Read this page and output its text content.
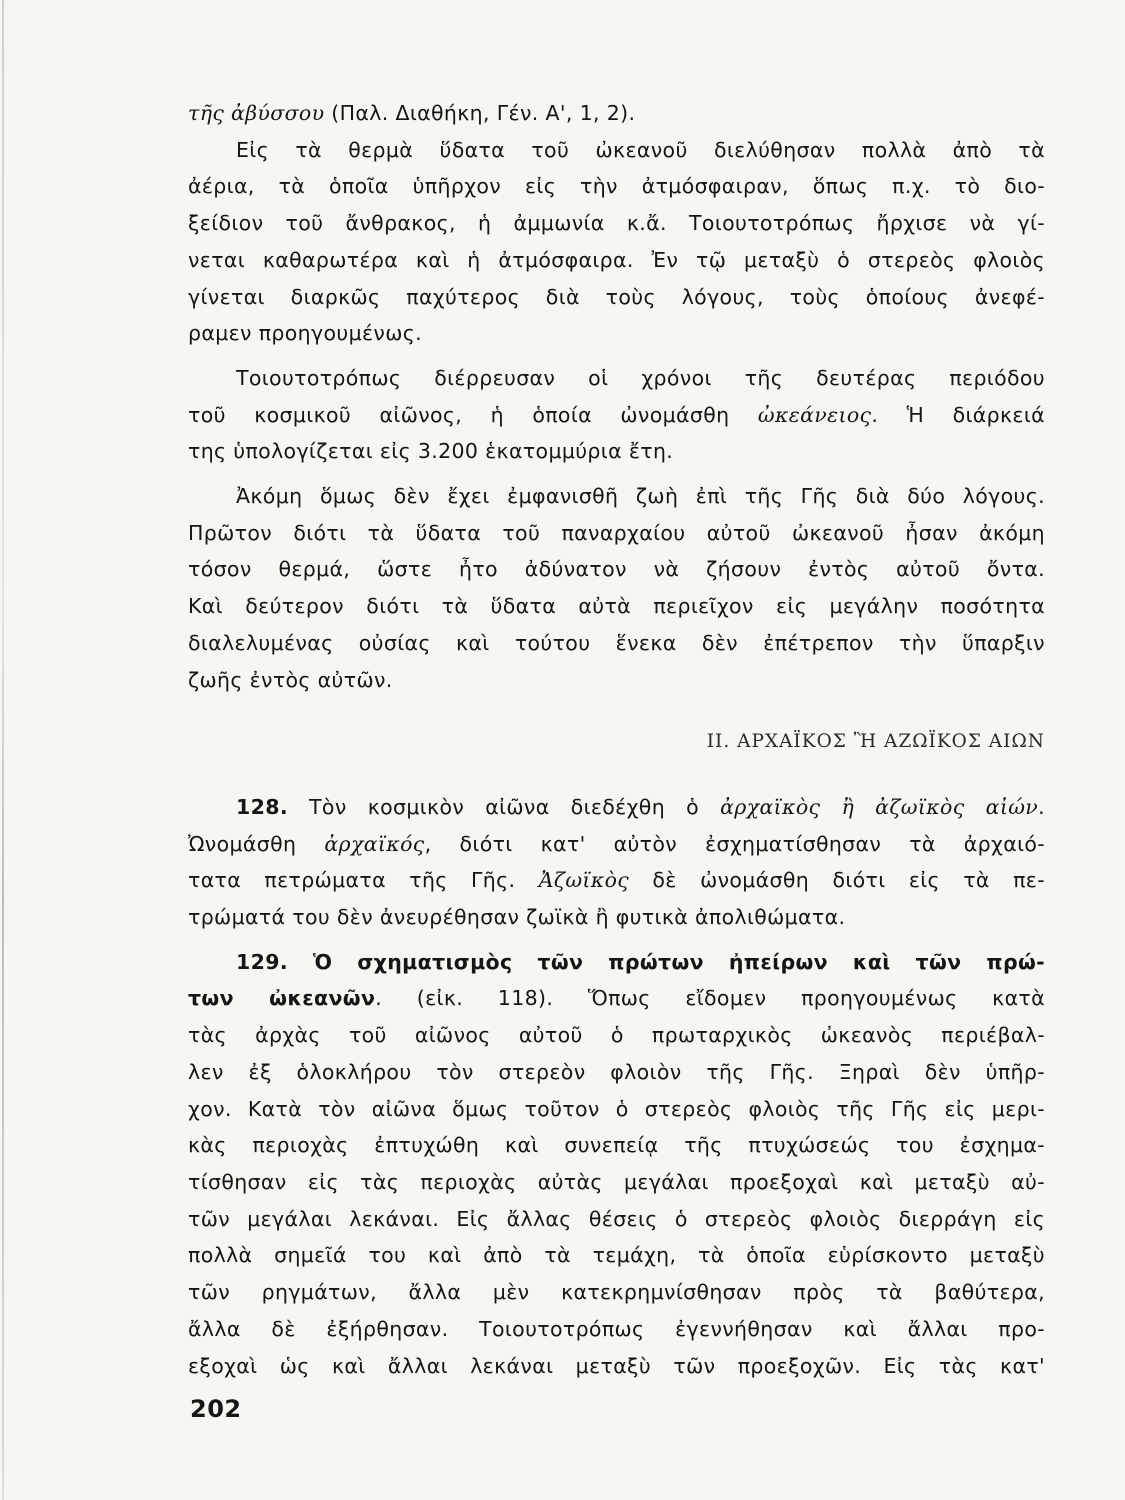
τῆς ἀβύσσου (Παλ. Διαθήκη, Γέν. Α', 1, 2).
Εἰς τὰ θερμὰ ὕδατα τοῦ ὠκεανοῦ διελύθησαν πολλὰ ἀπὸ τὰ
ἀέρια, τὰ ὁποῖα ὑπῆρχον εἰς τὴν ἀτμόσφαιραν, ὅπως π.χ. τὸ διο-
ξείδιον τοῦ ἄνθρακος, ἡ ἀμμωνία κ.ἄ. Τοιουτοτρόπως ἤρχισε νὰ γί-
νεται καθαρωτέρα καὶ ἡ ἀτμόσφαιρα. Ἐν τῷ μεταξὺ ὁ στερεὸς φλοιὸς
γίνεται διαρκῶς παχύτερος διὰ τοὺς λόγους, τοὺς ὁποίους ἀνεφέ-
ραμεν προηγουμένως.
Τοιουτοτρόπως διέρρευσαν οἱ χρόνοι τῆς δευτέρας περιόδου
τοῦ κοσμικοῦ αἰῶνος, ἡ ὁποία ὠνομάσθη ὠκεάνειος. Ἡ διάρκειά
της ὑπολογίζεται εἰς 3.200 ἑκατομμύρια ἔτη.
Ἀκόμη ὅμως δὲν ἔχει ἐμφανισθῆ ζωὴ ἐπὶ τῆς Γῆς διὰ δύο λόγους.
Πρῶτον διότι τὰ ὕδατα τοῦ παναρχαίου αὐτοῦ ὠκεανοῦ ἦσαν ἀκόμη
τόσον θερμά, ὥστε ἦτο ἀδύνατον νὰ ζήσουν ἐντὸς αὐτοῦ ὄντα.
Καὶ δεύτερον διότι τὰ ὕδατα αὐτὰ περιεῖχον εἰς μεγάλην ποσότητα
διαλελυμένας οὐσίας καὶ τούτου ἕνεκα δὲν ἐπέτρεπον τὴν ὕπαρξιν
ζωῆς ἐντὸς αὐτῶν.
ΙΙ. ΑΡΧΑΪΚΟΣ Ἢ ΑΖΩΪΚΟΣ ΑΙΩΝ
128. Τὸν κοσμικὸν αἰῶνα διεδέχθη ὁ ἀρχαϊκὸς ἢ ἀζωϊκὸς αἰών.
Ὠνομάσθη ἀρχαϊκός, διότι κατ' αὐτὸν ἐσχηματίσθησαν τὰ ἀρχαιό-
τατα πετρώματα τῆς Γῆς. Ἀζωϊκὸς δὲ ὠνομάσθη διότι εἰς τὰ πε-
τρώματά του δὲν ἀνευρέθησαν ζωϊκὰ ἢ φυτικὰ ἀπολιθώματα.
129. Ὁ σχηματισμὸς τῶν πρώτων ἠπείρων καὶ τῶν πρώ-
των ὠκεανῶν. (εἰκ. 118). Ὅπως εἴδομεν προηγουμένως κατὰ
τὰς ἀρχὰς τοῦ αἰῶνος αὐτοῦ ὁ πρωταρχικὸς ὠκεανὸς περιέβαλ-
λεν ἐξ ὁλοκλήρου τὸν στερεὸν φλοιὸν τῆς Γῆς. Ξηραὶ δὲν ὑπῆρ-
χον. Κατὰ τὸν αἰῶνα ὅμως τοῦτον ὁ στερεὸς φλοιὸς τῆς Γῆς εἰς μερι-
κὰς περιοχὰς ἐπτυχώθη καὶ συνεπείᾳ τῆς πτυχώσεώς του ἐσχημα-
τίσθησαν εἰς τὰς περιοχὰς αὐτὰς μεγάλαι προεξοχαὶ καὶ μεταξὺ αὐ-
τῶν μεγάλαι λεκάναι. Εἰς ἄλλας θέσεις ὁ στερεὸς φλοιὸς διερράγη εἰς
πολλὰ σημεῖά του καὶ ἀπὸ τὰ τεμάχη, τὰ ὁποῖα εὑρίσκοντο μεταξὺ
τῶν ρηγμάτων, ἄλλα μὲν κατεκρημνίσθησαν πρὸς τὰ βαθύτερα,
ἄλλα δὲ ἐξήρθησαν. Τοιουτοτρόπως ἐγεννήθησαν καὶ ἄλλαι προ-
εξοχαὶ ὡς καὶ ἄλλαι λεκάναι μεταξὺ τῶν προεξοχῶν. Εἰς τὰς κατ'
202
